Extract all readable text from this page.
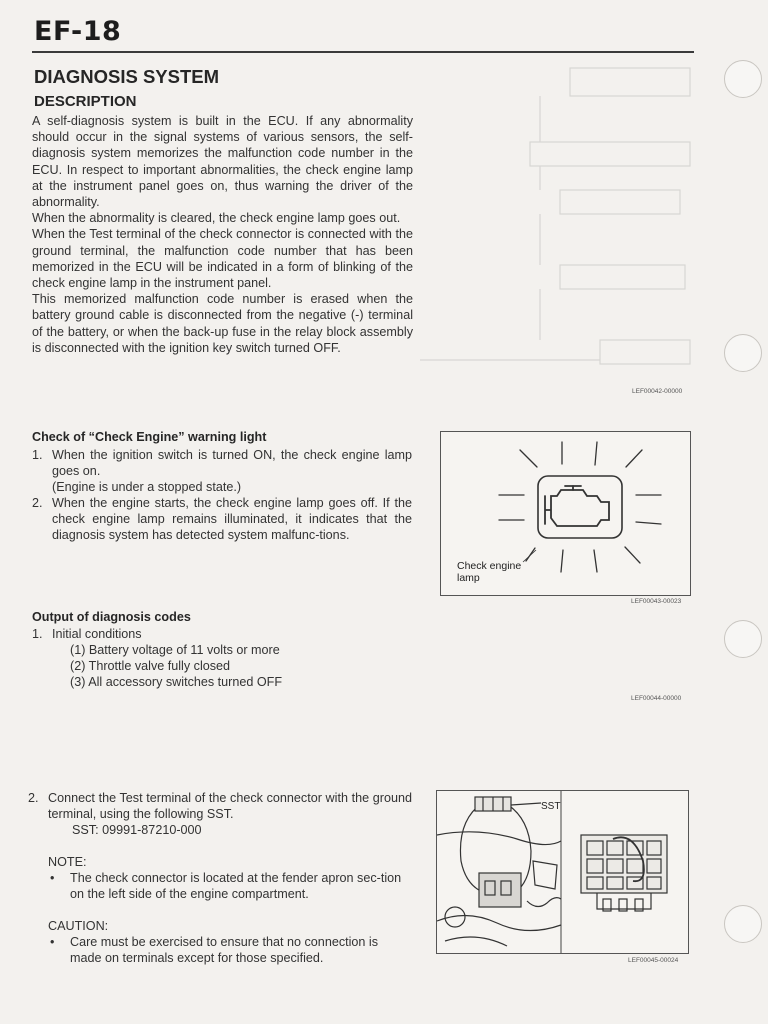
EF-18
DIAGNOSIS SYSTEM
DESCRIPTION

A self-diagnosis system is built in the ECU. If any abnormality should occur in the signal systems of various sensors, the self-diagnosis system memorizes the malfunction code number in the ECU. In respect to important abnormalities, the check engine lamp at the instrument panel goes on, thus warning the driver of the abnormality.

When the abnormality is cleared, the check engine lamp goes out.

When the Test terminal of the check connector is connected with the ground terminal, the malfunction code number that has been memorized in the ECU will be indicated in a form of blinking of the check engine lamp in the instrument panel.

This memorized malfunction code number is erased when the battery ground cable is disconnected from the negative (-) terminal of the battery, or when the back-up fuse in the relay block assembly is disconnected with the ignition key switch turned OFF.

LEF00042-00000
Check of “Check Engine” warning light
1. When the ignition switch is turned ON, the check engine lamp goes on.
(Engine is under a stopped state.)
2. When the engine starts, the check engine lamp goes off. If the check engine lamp remains illuminated, it indicates that the diagnosis system has detected system malfunc-tions.
Check engine
lamp
LEF00043-00023
Output of diagnosis codes
1. Initial conditions
(1) Battery voltage of 11 volts or more
(2) Throttle valve fully closed
(3) All accessory switches turned OFF
LEF00044-00000
2. Connect the Test terminal of the check connector with the ground terminal, using the following SST.
SST: 09991-87210-000
NOTE:
• The check connector is located at the fender apron sec-tion on the left side of the engine compartment.
CAUTION:
• Care must be exercised to ensure that no connection is made on terminals except for those specified.
SST
LEF00045-00024
